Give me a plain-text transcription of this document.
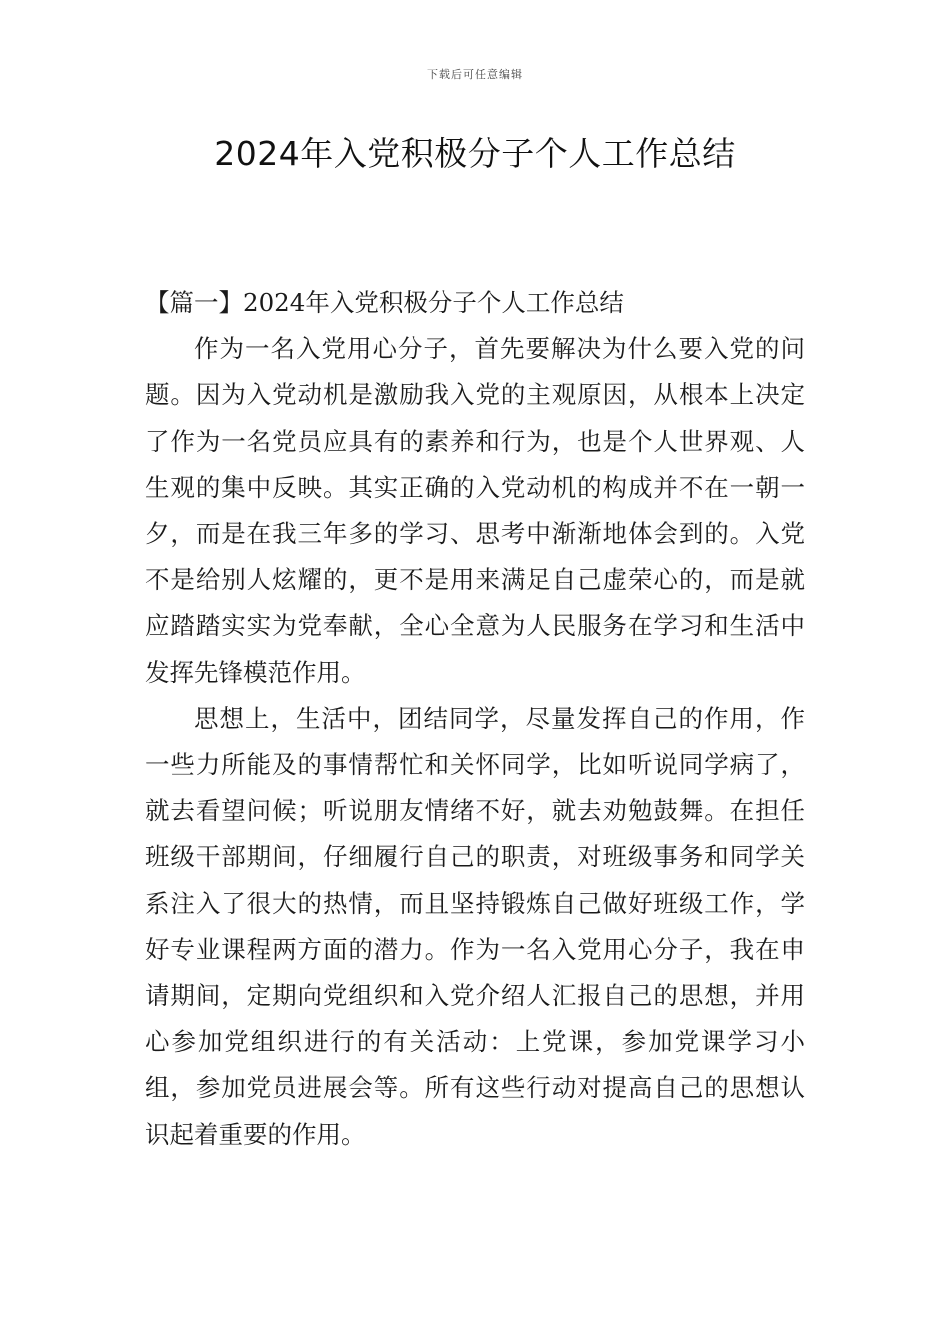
下载后可任意编辑
2024年入党积极分子个人工作总结

【篇一】2024年入党积极分子个人工作总结

作为一名入党用心分子，首先要解决为什么要入党的问题。因为入党动机是激励我入党的主观原因，从根本上决定了作为一名党员应具有的素养和行为，也是个人世界观、人生观的集中反映。其实正确的入党动机的构成并不在一朝一夕，而是在我三年多的学习、思考中渐渐地体会到的。入党不是给别人炫耀的，更不是用来满足自己虚荣心的，而是就应踏踏实实为党奉献，全心全意为人民服务在学习和生活中发挥先锋模范作用。

思想上，生活中，团结同学，尽量发挥自己的作用，作一些力所能及的事情帮忙和关怀同学，比如听说同学病了，就去看望问候；听说朋友情绪不好，就去劝勉鼓舞。在担任班级干部期间，仔细履行自己的职责，对班级事务和同学关系注入了很大的热情，而且坚持锻炼自己做好班级工作，学好专业课程两方面的潜力。作为一名入党用心分子，我在申请期间，定期向党组织和入党介绍人汇报自己的思想，并用心参加党组织进行的有关活动：上党课，参加党课学习小组，参加党员进展会等。所有这些行动对提高自己的思想认识起着重要的作用。
